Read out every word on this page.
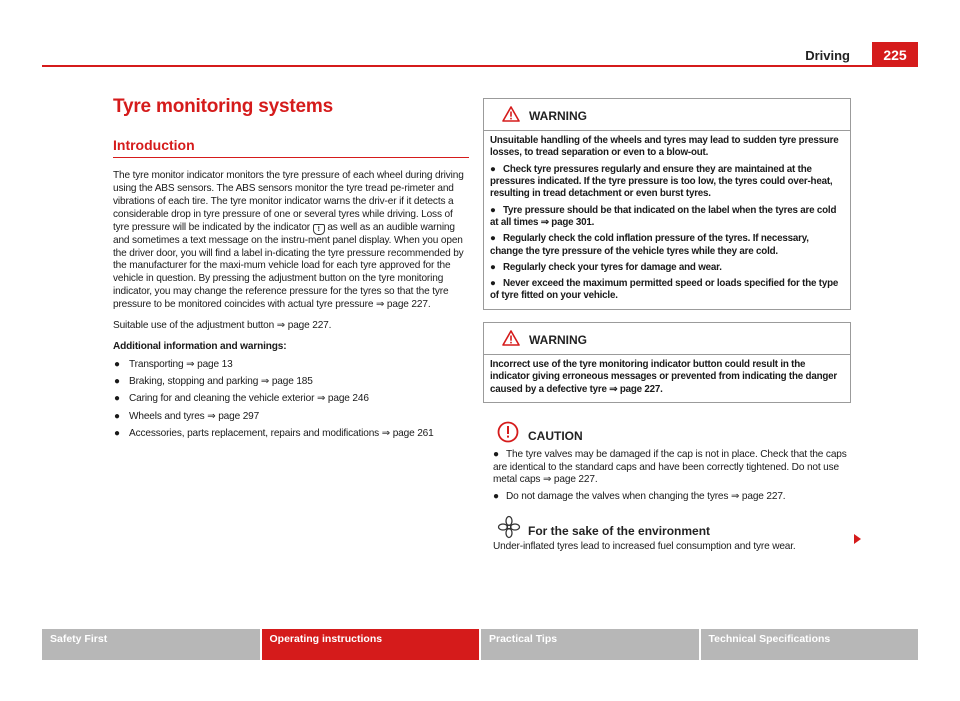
Driving	225
Tyre monitoring systems
Introduction

The tyre monitor indicator monitors the tyre pressure of each wheel during driving using the ABS sensors. The ABS sensors monitor the tyre tread pe-rimeter and vibrations of each tire. The tyre monitor indicator warns the driv-er if it detects a considerable drop in tyre pressure of one or several tyres while driving. Loss of tyre pressure will be indicated by the indicator ! as well as an audible warning and sometimes a text message on the instru-ment panel display. When you open the driver door, you will find a label in-dicating the tyre pressure recommended by the manufacturer for the maxi-mum vehicle load for each tyre approved for the vehicle in question. By pressing the adjustment button on the tyre monitoring indicator, you may change the reference pressure for the tyres so that the tyre pressure to be monitored coincides with actual tyre pressure ⇒ page 227.

Suitable use of the adjustment button ⇒ page 227.

Additional information and warnings:

● Transporting ⇒ page 13
● Braking, stopping and parking ⇒ page 185
● Caring for and cleaning the vehicle exterior ⇒ page 246
● Wheels and tyres ⇒ page 297
● Accessories, parts replacement, repairs and modifications ⇒ page 261
WARNING

Unsuitable handling of the wheels and tyres may lead to sudden tyre pressure losses, to tread separation or even to a blow-out.

● Check tyre pressures regularly and ensure they are maintained at the pressures indicated. If the tyre pressure is too low, the tyres could over-heat, resulting in tread detachment or even burst tyres.

● Tyre pressure should be that indicated on the label when the tyres are cold at all times ⇒ page 301.

● Regularly check the cold inflation pressure of the tyres. If necessary, change the tyre pressure of the vehicle tyres while they are cold.

● Regularly check your tyres for damage and wear.

● Never exceed the maximum permitted speed or loads specified for the type of tyre fitted on your vehicle.

WARNING

Incorrect use of the tyre monitoring indicator button could result in the indicator giving erroneous messages or prevented from indicating the danger caused by a defective tyre ⇒ page 227.

CAUTION

● The tyre valves may be damaged if the cap is not in place. Check that the caps are identical to the standard caps and have been correctly tightened. Do not use metal caps ⇒ page 227.

● Do not damage the valves when changing the tyres ⇒ page 227.

For the sake of the environment
Under-inflated tyres lead to increased fuel consumption and tyre wear.
Safety First	Operating instructions	Practical Tips	Technical Specifications
